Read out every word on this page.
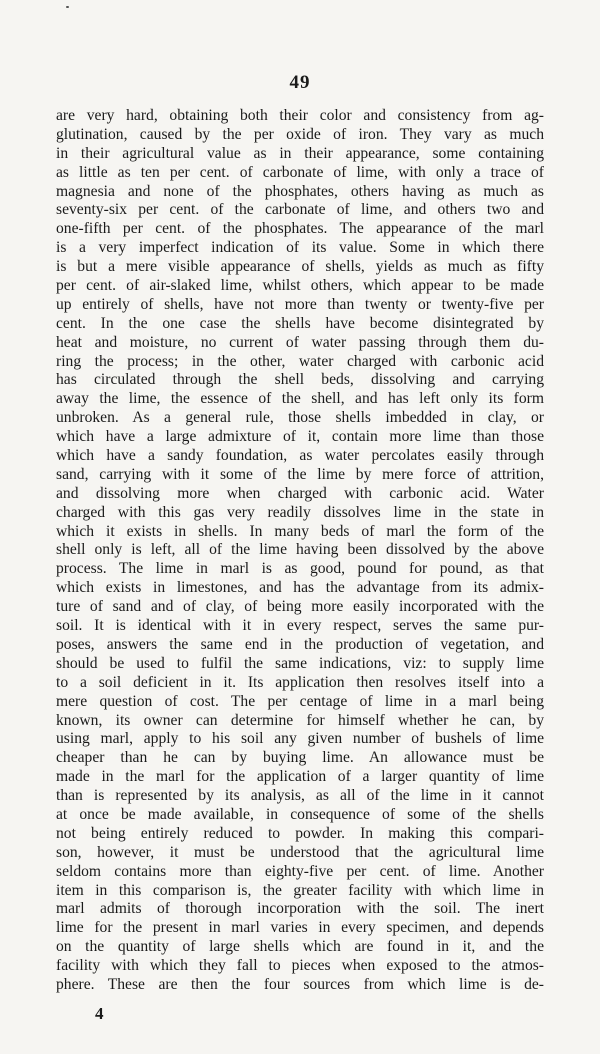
49
are very hard, obtaining both their color and consistency from ag-
glutination, caused by the per oxide of iron. They vary as much
in their agricultural value as in their appearance, some containing
as little as ten per cent. of carbonate of lime, with only a trace of
magnesia and none of the phosphates, others having as much as
seventy-six per cent. of the carbonate of lime, and others two and
one-fifth per cent. of the phosphates. The appearance of the marl
is a very imperfect indication of its value. Some in which there
is but a mere visible appearance of shells, yields as much as fifty
per cent. of air-slaked lime, whilst others, which appear to be made
up entirely of shells, have not more than twenty or twenty-five per
cent. In the one case the shells have become disintegrated by
heat and moisture, no current of water passing through them du-
ring the process; in the other, water charged with carbonic acid
has circulated through the shell beds, dissolving and carrying
away the lime, the essence of the shell, and has left only its form
unbroken. As a general rule, those shells imbedded in clay, or
which have a large admixture of it, contain more lime than those
which have a sandy foundation, as water percolates easily through
sand, carrying with it some of the lime by mere force of attrition,
and dissolving more when charged with carbonic acid. Water
charged with this gas very readily dissolves lime in the state in
which it exists in shells. In many beds of marl the form of the
shell only is left, all of the lime having been dissolved by the above
process. The lime in marl is as good, pound for pound, as that
which exists in limestones, and has the advantage from its admix-
ture of sand and of clay, of being more easily incorporated with the
soil. It is identical with it in every respect, serves the same pur-
poses, answers the same end in the production of vegetation, and
should be used to fulfil the same indications, viz: to supply lime
to a soil deficient in it. Its application then resolves itself into a
mere question of cost. The per centage of lime in a marl being
known, its owner can determine for himself whether he can, by
using marl, apply to his soil any given number of bushels of lime
cheaper than he can by buying lime. An allowance must be
made in the marl for the application of a larger quantity of lime
than is represented by its analysis, as all of the lime in it cannot
at once be made available, in consequence of some of the shells
not being entirely reduced to powder. In making this compari-
son, however, it must be understood that the agricultural lime
seldom contains more than eighty-five per cent. of lime. Another
item in this comparison is, the greater facility with which lime in
marl admits of thorough incorporation with the soil. The inert
lime for the present in marl varies in every specimen, and depends
on the quantity of large shells which are found in it, and the
facility with which they fall to pieces when exposed to the atmos-
phere. These are then the four sources from which lime is de-
4
